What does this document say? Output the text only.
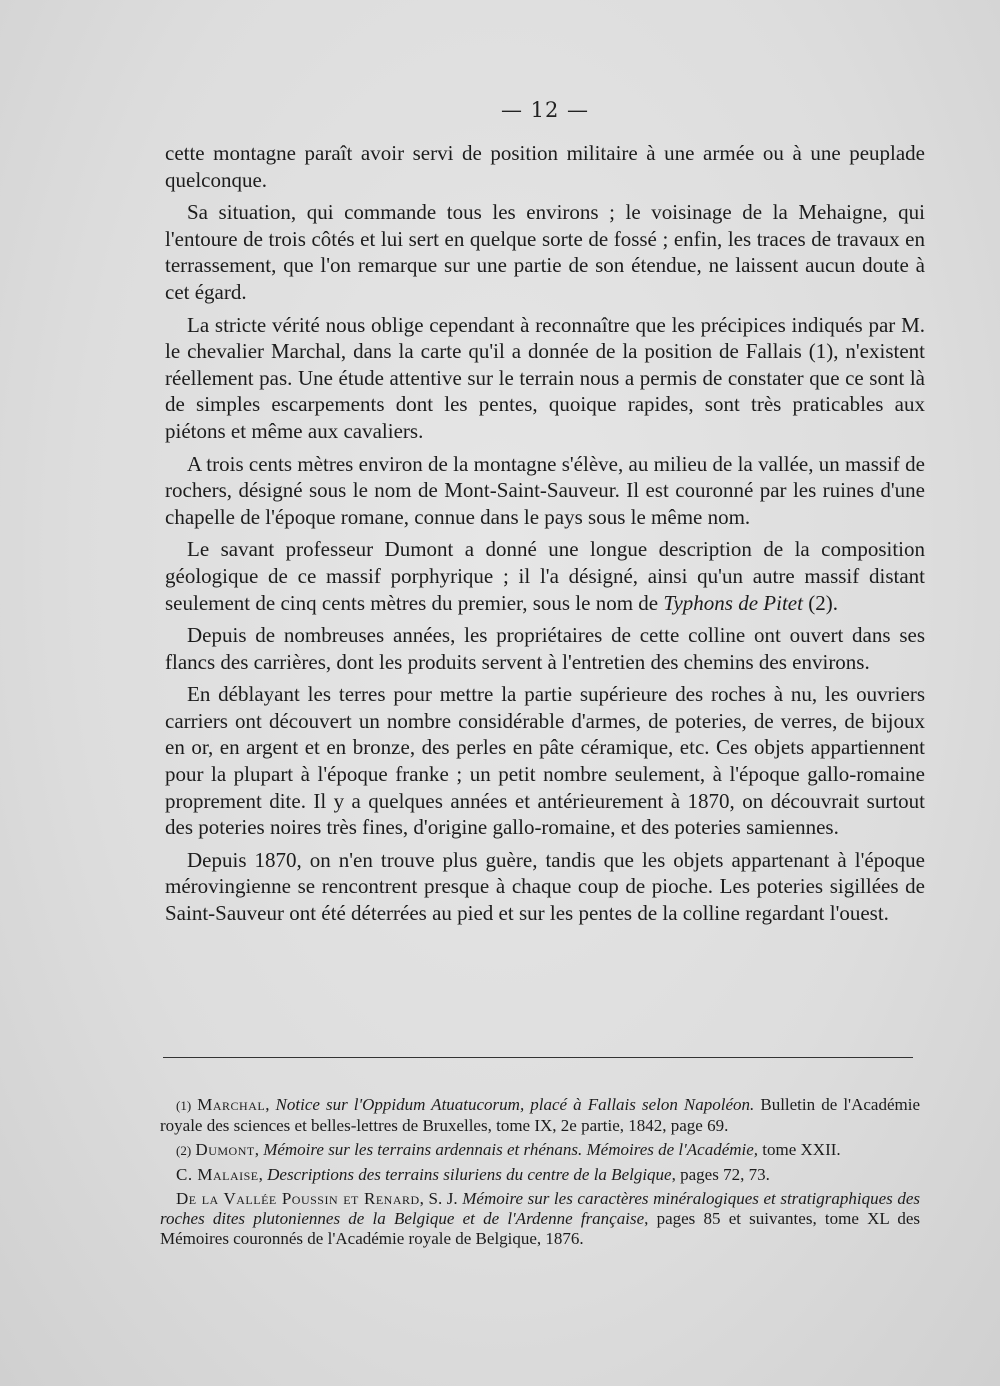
— 12 —

cette montagne paraît avoir servi de position militaire à une armée ou à une peuplade quelconque.

Sa situation, qui commande tous les environs ; le voisinage de la Mehaigne, qui l'entoure de trois côtés et lui sert en quelque sorte de fossé ; enfin, les traces de travaux en terrassement, que l'on remarque sur une partie de son étendue, ne laissent aucun doute à cet égard.

La stricte vérité nous oblige cependant à reconnaître que les précipices indiqués par M. le chevalier Marchal, dans la carte qu'il a donnée de la position de Fallais (1), n'existent réellement pas. Une étude attentive sur le terrain nous a permis de constater que ce sont là de simples escarpements dont les pentes, quoique rapides, sont très praticables aux piétons et même aux cavaliers.

A trois cents mètres environ de la montagne s'élève, au milieu de la vallée, un massif de rochers, désigné sous le nom de Mont-Saint-Sauveur. Il est couronné par les ruines d'une chapelle de l'époque romane, connue dans le pays sous le même nom.

Le savant professeur Dumont a donné une longue description de la composition géologique de ce massif porphyrique ; il l'a désigné, ainsi qu'un autre massif distant seulement de cinq cents mètres du premier, sous le nom de Typhons de Pitet (2).

Depuis de nombreuses années, les propriétaires de cette colline ont ouvert dans ses flancs des carrières, dont les produits servent à l'entretien des chemins des environs.

En déblayant les terres pour mettre la partie supérieure des roches à nu, les ouvriers carriers ont découvert un nombre considérable d'armes, de poteries, de verres, de bijoux en or, en argent et en bronze, des perles en pâte céramique, etc. Ces objets appartiennent pour la plupart à l'époque franke ; un petit nombre seulement, à l'époque gallo-romaine proprement dite. Il y a quelques années et antérieurement à 1870, on découvrait surtout des poteries noires très fines, d'origine gallo-romaine, et des poteries samiennes.

Depuis 1870, on n'en trouve plus guère, tandis que les objets appartenant à l'époque mérovingienne se rencontrent presque à chaque coup de pioche. Les poteries sigillées de Saint-Sauveur ont été déterrées au pied et sur les pentes de la colline regardant l'ouest.

(1) Marchal, Notice sur l'Oppidum Atuatucorum, placé à Fallais selon Napoléon. Bulletin de l'Académie royale des sciences et belles-lettres de Bruxelles, tome IX, 2e partie, 1842, page 69.

(2) Dumont, Mémoire sur les terrains ardennais et rhénans. Mémoires de l'Académie, tome XXII.

C. Malaise, Descriptions des terrains siluriens du centre de la Belgique, pages 72, 73.

De la Vallée Poussin et Renard, S. J. Mémoire sur les caractères minéralogiques et stratigraphiques des roches dites plutoniennes de la Belgique et de l'Ardenne française, pages 85 et suivantes, tome XL des Mémoires couronnés de l'Académie royale de Belgique, 1876.
